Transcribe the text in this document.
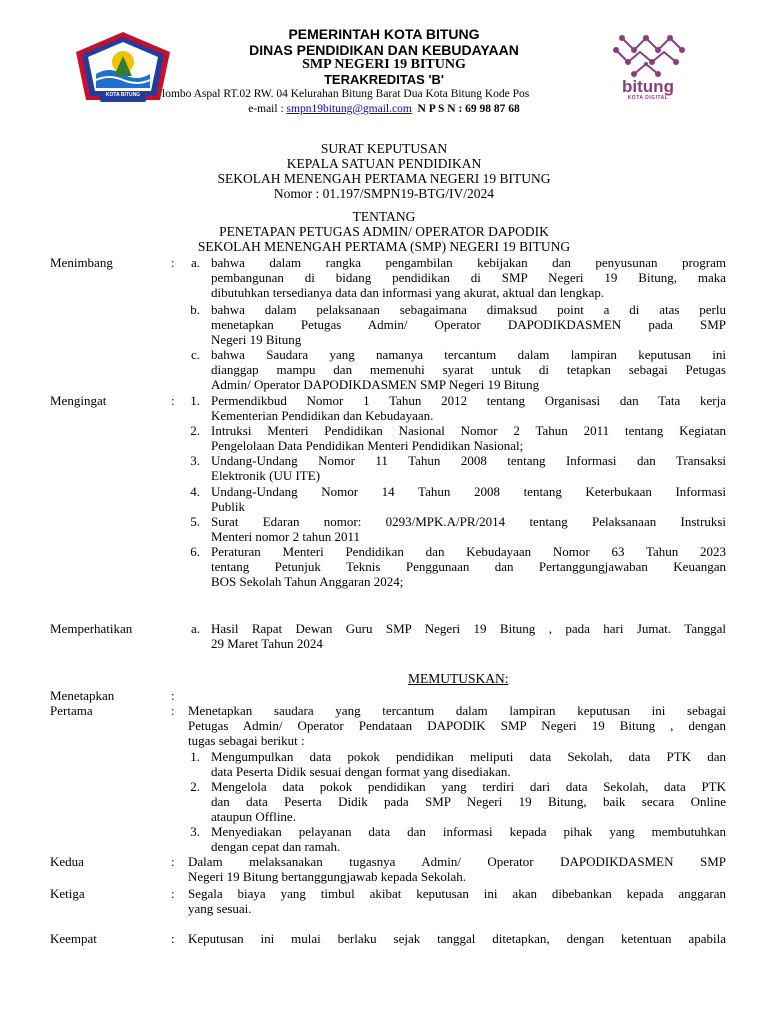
KOTA BITUNG	bitung
KOTA DIGITAL
PEMERINTAH KOTA BITUNG
DINAS PENDIDIKAN DAN KEBUDAYAAN
SMP NEGERI 19 BITUNG
TERAKREDITAS 'B'
lombo Aspal RT.02 RW. 04 Kelurahan Bitung Barat Dua Kota Bitung Kode Pos
e-mail : smpn19bitung@gmail.com N P S N : 69 98 87 68
SURAT KEPUTUSAN
KEPALA SATUAN PENDIDIKAN
SEKOLAH MENENGAH PERTAMA NEGERI 19 BITUNG
Nomor : 01.197/SMPN19-BTG/IV/2024
TENTANG
PENETAPAN PETUGAS ADMIN/ OPERATOR DAPODIK
SEKOLAH MENENGAH PERTAMA (SMP) NEGERI 19 BITUNG
Menimbang	:	a. bahwa dalam rangka pengambilan kebijakan dan penyusunan program
pembangunan di bidang pendidikan di SMP Negeri 19 Bitung, maka
dibutuhkan tersedianya data dan informasi yang akurat, aktual dan lengkap.
b. bahwa dalam pelaksanaan sebagaimana dimaksud point a di atas perlu
menetapkan Petugas Admin/ Operator DAPODIKDASMEN pada SMP
Negeri 19 Bitung
c. bahwa Saudara yang namanya tercantum dalam lampiran keputusan ini
dianggap mampu dan memenuhi syarat untuk di tetapkan sebagai Petugas
Admin/ Operator DAPODIKDASMEN SMP Negeri 19 Bitung
Mengingat	:	1. Permendikbud Nomor 1 Tahun 2012 tentang Organisasi dan Tata kerja
Kementerian Pendidikan dan Kebudayaan.
2. Intruksi Menteri Pendidikan Nasional Nomor 2 Tahun 2011 tentang Kegiatan
Pengelolaan Data Pendidikan Menteri Pendidikan Nasional;
3. Undang-Undang Nomor 11 Tahun 2008 tentang Informasi dan Transaksi
Elektronik (UU ITE)
4. Undang-Undang Nomor 14 Tahun 2008 tentang Keterbukaan Informasi
Publik
5. Surat Edaran nomor: 0293/MPK.A/PR/2014 tentang Pelaksanaan Instruksi
Menteri nomor 2 tahun 2011
6. Peraturan Menteri Pendidikan dan Kebudayaan Nomor 63 Tahun 2023
tentang Petunjuk Teknis Penggunaan dan Pertanggungjawaban Keuangan
BOS Sekolah Tahun Anggaran 2024;
Memperhatikan	a. Hasil Rapat Dewan Guru SMP Negeri 19 Bitung , pada hari Jumat. Tanggal
29 Maret Tahun 2024
MEMUTUSKAN:
Menetapkan	:
Pertama	: Menetapkan saudara yang tercantum dalam lampiran keputusan ini sebagai
Petugas Admin/ Operator Pendataan DAPODIK SMP Negeri 19 Bitung , dengan
tugas sebagai berikut :
1. Mengumpulkan data pokok pendidikan meliputi data Sekolah, data PTK dan
data Peserta Didik sesuai dengan format yang disediakan.
2. Mengelola data pokok pendidikan yang terdiri dari data Sekolah, data PTK
dan data Peserta Didik pada SMP Negeri 19 Bitung, baik secara Online
ataupun Offline.
3. Menyediakan pelayanan data dan informasi kepada pihak yang membutuhkan
dengan cepat dan ramah.
Kedua	: Dalam melaksanakan tugasnya Admin/ Operator DAPODIKDASMEN SMP
Negeri 19 Bitung bertanggungjawab kepada Sekolah.
Ketiga	: Segala biaya yang timbul akibat keputusan ini akan dibebankan kepada anggaran
yang sesuai.
Keempat	: Keputusan ini mulai berlaku sejak tanggal ditetapkan, dengan ketentuan apabila
